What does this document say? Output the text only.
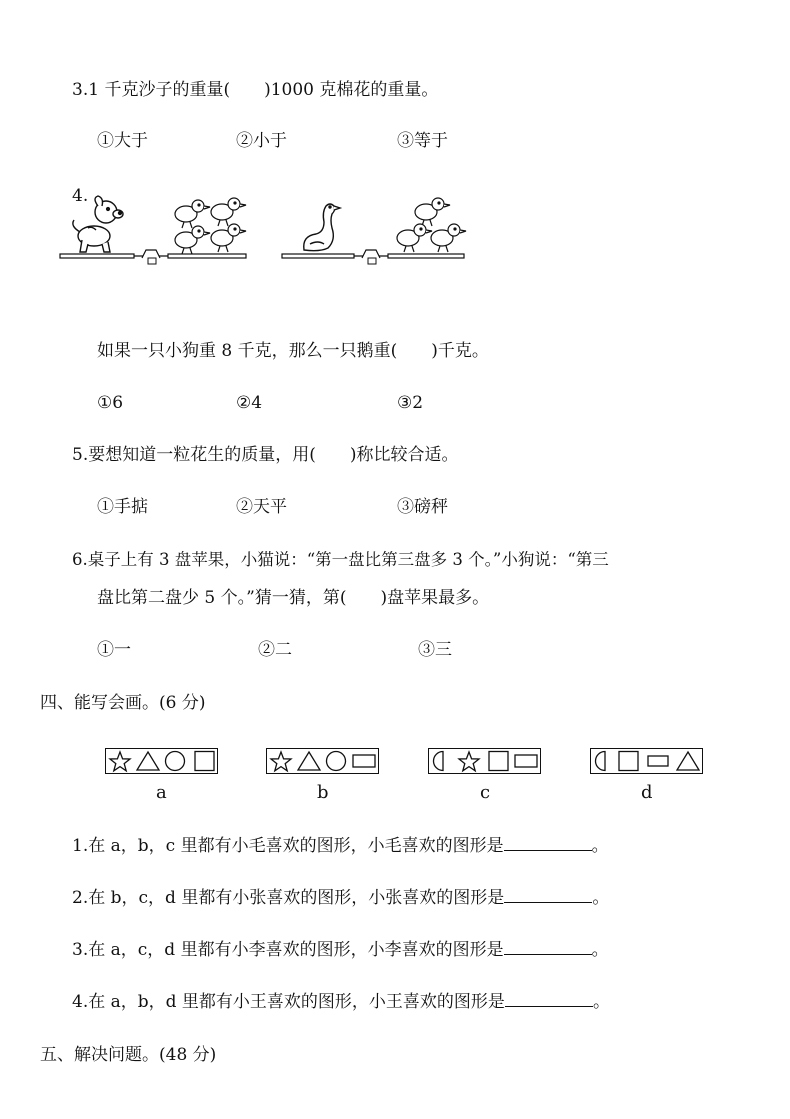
3.1 千克沙子的重量(　　)1000 克棉花的重量。
①大于	②小于	③等于
4.
如果一只小狗重 8 千克，那么一只鹅重(　　)千克。
①6	②4	③2
5.要想知道一粒花生的质量，用(　　)称比较合适。
①手掂	②天平	③磅秤
6.桌子上有 3 盘苹果，小猫说：“第一盘比第三盘多 3 个。”小狗说：“第三
盘比第二盘少 5 个。”猜一猜，第(　　)盘苹果最多。
①一	②二	③三
四、能写会画。(6 分)
a	b	c	d
1.在 a，b，c 里都有小毛喜欢的图形，小毛喜欢的图形是	。
2.在 b，c，d 里都有小张喜欢的图形，小张喜欢的图形是	。
3.在 a，c，d 里都有小李喜欢的图形，小李喜欢的图形是	。
4.在 a，b，d 里都有小王喜欢的图形，小王喜欢的图形是	。
五、解决问题。(48 分)
